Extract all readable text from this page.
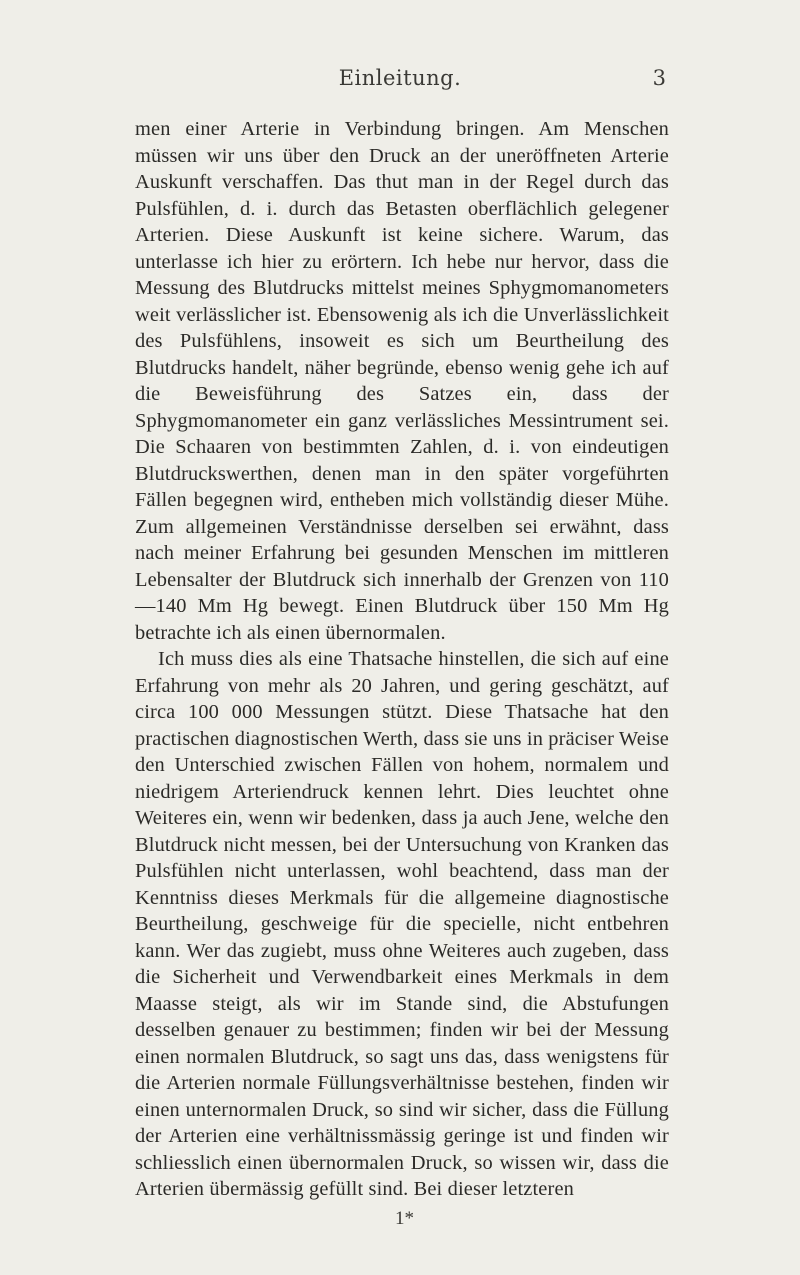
Einleitung.	3

men einer Arterie in Verbindung bringen. Am Menschen müssen wir uns über den Druck an der uneröffneten Arterie Auskunft verschaffen. Das thut man in der Regel durch das Pulsfühlen, d. i. durch das Betasten oberflächlich gelegener Arterien. Diese Auskunft ist keine sichere. Warum, das unterlasse ich hier zu erörtern. Ich hebe nur hervor, dass die Messung des Blutdrucks mittelst meines Sphygmomanometers weit verlässlicher ist. Ebensowenig als ich die Unverlässlichkeit des Pulsfühlens, insoweit es sich um Beurtheilung des Blutdrucks handelt, näher begründe, ebenso wenig gehe ich auf die Beweisführung des Satzes ein, dass der Sphygmomanometer ein ganz verlässliches Messintrument sei. Die Schaaren von bestimmten Zahlen, d. i. von eindeutigen Blutdruckswerthen, denen man in den später vorgeführten Fällen begegnen wird, entheben mich vollständig dieser Mühe. Zum allgemeinen Verständnisse derselben sei erwähnt, dass nach meiner Erfahrung bei gesunden Menschen im mittleren Lebensalter der Blutdruck sich innerhalb der Grenzen von 110—140 Mm Hg bewegt. Einen Blutdruck über 150 Mm Hg betrachte ich als einen übernormalen.

Ich muss dies als eine Thatsache hinstellen, die sich auf eine Erfahrung von mehr als 20 Jahren, und gering geschätzt, auf circa 100 000 Messungen stützt. Diese Thatsache hat den practischen diagnostischen Werth, dass sie uns in präciser Weise den Unterschied zwischen Fällen von hohem, normalem und niedrigem Arteriendruck kennen lehrt. Dies leuchtet ohne Weiteres ein, wenn wir bedenken, dass ja auch Jene, welche den Blutdruck nicht messen, bei der Untersuchung von Kranken das Pulsfühlen nicht unterlassen, wohl beachtend, dass man der Kenntniss dieses Merkmals für die allgemeine diagnostische Beurtheilung, geschweige für die specielle, nicht entbehren kann. Wer das zugiebt, muss ohne Weiteres auch zugeben, dass die Sicherheit und Verwendbarkeit eines Merkmals in dem Maasse steigt, als wir im Stande sind, die Abstufungen desselben genauer zu bestimmen; finden wir bei der Messung einen normalen Blutdruck, so sagt uns das, dass wenigstens für die Arterien normale Füllungsverhältnisse bestehen, finden wir einen unternormalen Druck, so sind wir sicher, dass die Füllung der Arterien eine verhältnissmässig geringe ist und finden wir schliesslich einen übernormalen Druck, so wissen wir, dass die Arterien übermässig gefüllt sind. Bei dieser letzteren

1*
